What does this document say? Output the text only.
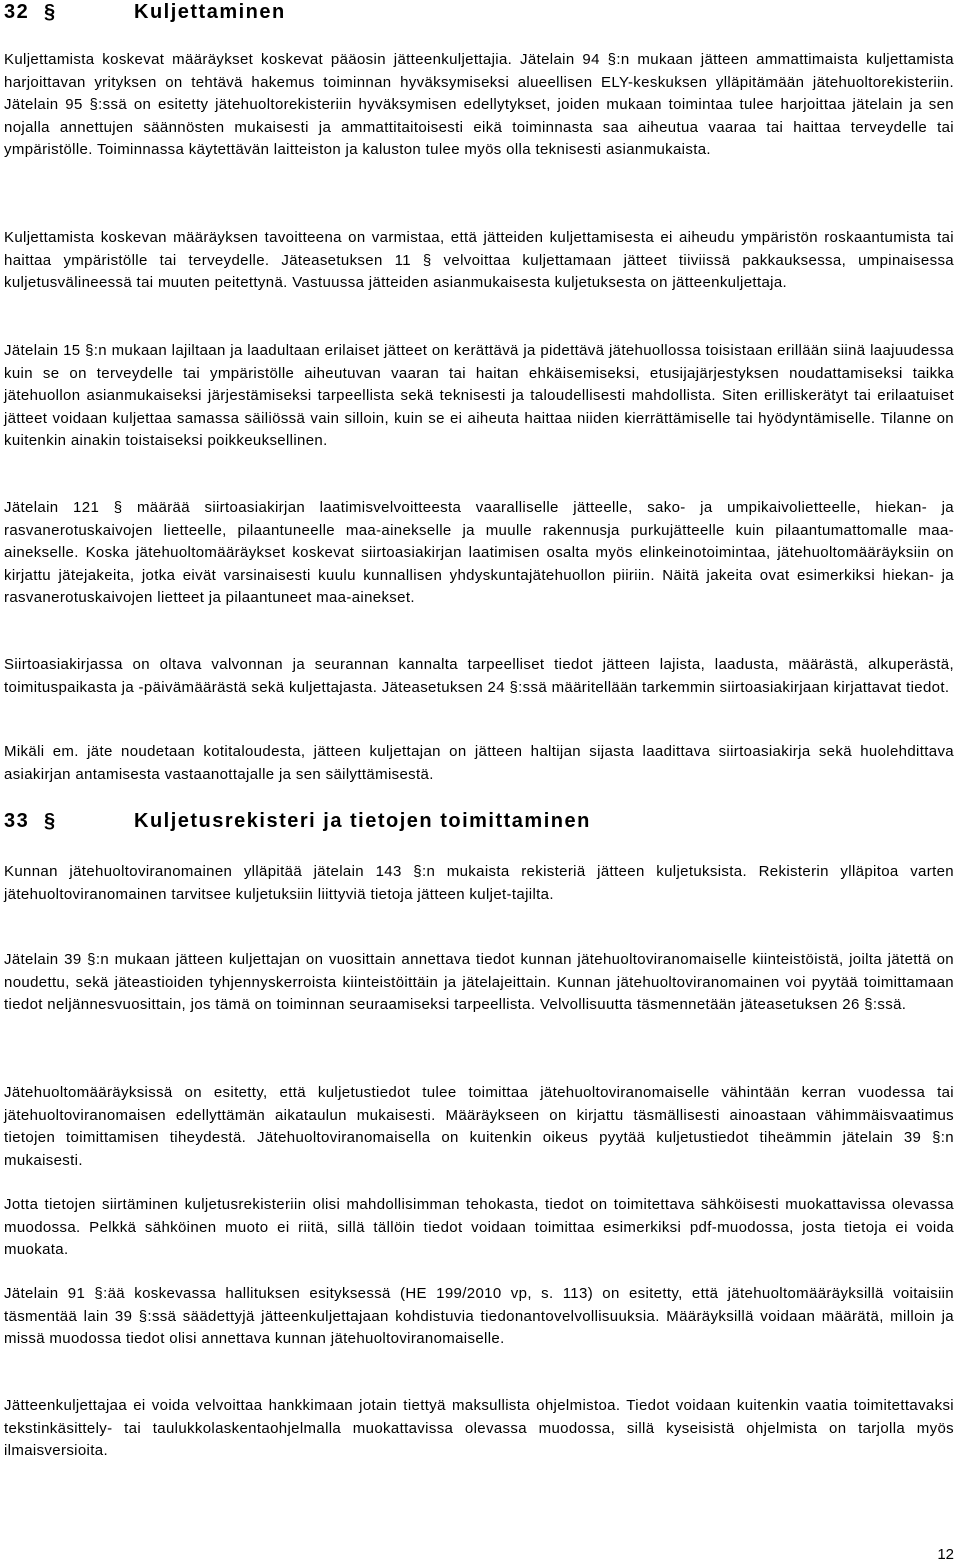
32 §	Kuljettaminen

Kuljettamista koskevat määräykset koskevat pääosin jätteenkuljettajia. Jätelain 94 §:n mukaan jätteen ammattimaista kuljettamista harjoittavan yrityksen on tehtävä hakemus toiminnan hyväksymiseksi alueellisen ELY-keskuksen ylläpitämään jätehuoltorekisteriin. Jätelain 95 §:ssä on esitetty jätehuoltorekisteriin hyväksymisen edellytykset, joiden mukaan toimintaa tulee harjoittaa jätelain ja sen nojalla annettujen säännösten mukaisesti ja ammattitaitoisesti eikä toiminnasta saa aiheutua vaaraa tai haittaa terveydelle tai ympäristölle. Toiminnassa käytettävän laitteiston ja kaluston tulee myös olla teknisesti asianmukaista.

Kuljettamista koskevan määräyksen tavoitteena on varmistaa, että jätteiden kuljettamisesta ei aiheudu ympäristön roskaantumista tai haittaa ympäristölle tai terveydelle. Jäteasetuksen 11 § velvoittaa kuljettamaan jätteet tiiviissä pakkauksessa, umpinaisessa kuljetusvälineessä tai muuten peitettynä. Vastuussa jätteiden asianmukaisesta kuljetuksesta on jätteenkuljettaja.

Jätelain 15 §:n mukaan lajiltaan ja laadultaan erilaiset jätteet on kerättävä ja pidettävä jätehuollossa toisistaan erillään siinä laajuudessa kuin se on terveydelle tai ympäristölle aiheutuvan vaaran tai haitan ehkäisemiseksi, etusijajärjestyksen noudattamiseksi taikka jätehuollon asianmukaiseksi järjestämiseksi tarpeellista sekä teknisesti ja taloudellisesti mahdollista. Siten erilliskerätyt tai erilaatuiset jätteet voidaan kuljettaa samassa säiliössä vain silloin, kuin se ei aiheuta haittaa niiden kierrättämiselle tai hyödyntämiselle. Tilanne on kuitenkin ainakin toistaiseksi poikkeuksellinen.

Jätelain 121 § määrää siirtoasiakirjan laatimisvelvoitteesta vaaralliselle jätteelle, sako- ja umpikaivolietteelle, hiekan- ja rasvanerotuskaivojen lietteelle, pilaantuneelle maa-ainekselle ja muulle rakennusja purkujätteelle kuin pilaantumattomalle maa-ainekselle. Koska jätehuoltomääräykset koskevat siirtoasiakirjan laatimisen osalta myös elinkeinotoimintaa, jätehuoltomääräyksiin on kirjattu jätejakeita, jotka eivät varsinaisesti kuulu kunnallisen yhdyskuntajätehuollon piiriin. Näitä jakeita ovat esimerkiksi hiekan- ja rasvanerotuskaivojen lietteet ja pilaantuneet maa-ainekset.

Siirtoasiakirjassa on oltava valvonnan ja seurannan kannalta tarpeelliset tiedot jätteen lajista, laadusta, määrästä, alkuperästä, toimituspaikasta ja -päivämäärästä sekä kuljettajasta. Jäteasetuksen 24 §:ssä määritellään tarkemmin siirtoasiakirjaan kirjattavat tiedot.

Mikäli em. jäte noudetaan kotitaloudesta, jätteen kuljettajan on jätteen haltijan sijasta laadittava siirtoasiakirja sekä huolehdittava asiakirjan antamisesta vastaanottajalle ja sen säilyttämisestä.

33 §	Kuljetusrekisteri ja tietojen toimittaminen

Kunnan jätehuoltoviranomainen ylläpitää jätelain 143 §:n mukaista rekisteriä jätteen kuljetuksista. Rekisterin ylläpitoa varten jätehuoltoviranomainen tarvitsee kuljetuksiin liittyviä tietoja jätteen kuljet-tajilta.

Jätelain 39 §:n mukaan jätteen kuljettajan on vuosittain annettava tiedot kunnan jätehuoltoviranomaiselle kiinteistöistä, joilta jätettä on noudettu, sekä jäteastioiden tyhjennyskerroista kiinteistöittäin ja jätelajeittain. Kunnan jätehuoltoviranomainen voi pyytää toimittamaan tiedot neljännesvuosittain, jos tämä on toiminnan seuraamiseksi tarpeellista. Velvollisuutta täsmennetään jäteasetuksen 26 §:ssä.

Jätehuoltomääräyksissä on esitetty, että kuljetustiedot tulee toimittaa jätehuoltoviranomaiselle vähintään kerran vuodessa tai jätehuoltoviranomaisen edellyttämän aikataulun mukaisesti. Määräykseen on kirjattu täsmällisesti ainoastaan vähimmäisvaatimus tietojen toimittamisen tiheydestä. Jätehuoltoviranomaisella on kuitenkin oikeus pyytää kuljetustiedot tiheämmin jätelain 39 §:n mukaisesti.

Jotta tietojen siirtäminen kuljetusrekisteriin olisi mahdollisimman tehokasta, tiedot on toimitettava sähköisesti muokattavissa olevassa muodossa. Pelkkä sähköinen muoto ei riitä, sillä tällöin tiedot voidaan toimittaa esimerkiksi pdf-muodossa, josta tietoja ei voida muokata.

Jätelain 91 §:ää koskevassa hallituksen esityksessä (HE 199/2010 vp, s. 113) on esitetty, että jätehuoltomääräyksillä voitaisiin täsmentää lain 39 §:ssä säädettyjä jätteenkuljettajaan kohdistuvia tiedonantovelvollisuuksia. Määräyksillä voidaan määrätä, milloin ja missä muodossa tiedot olisi annettava kunnan jätehuoltoviranomaiselle.

Jätteenkuljettajaa ei voida velvoittaa hankkimaan jotain tiettyä maksullista ohjelmistoa. Tiedot voidaan kuitenkin vaatia toimitettavaksi tekstinkäsittely- tai taulukkolaskentaohjelmalla muokattavissa olevassa muodossa, sillä kyseisistä ohjelmista on tarjolla myös ilmaisversioita.

12
